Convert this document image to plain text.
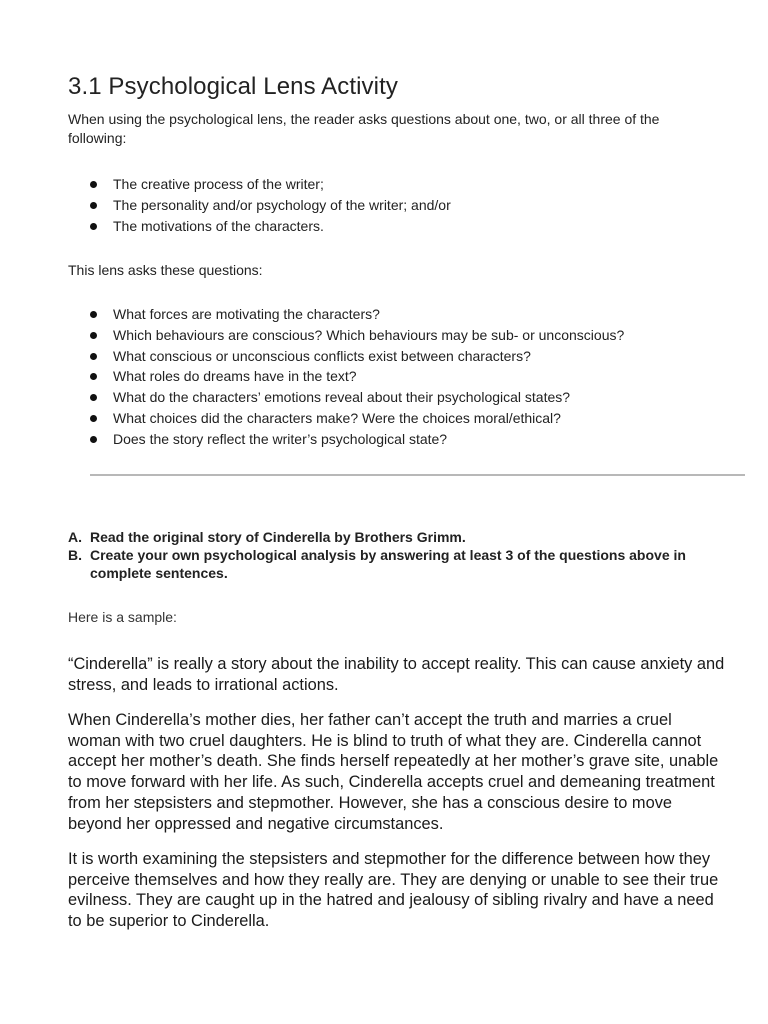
3.1 Psychological Lens Activity
When using the psychological lens, the reader asks questions about one, two, or all three of the following:
The creative process of the writer;
The personality and/or psychology of the writer; and/or
The motivations of the characters.
This lens asks these questions:
What forces are motivating the characters?
Which behaviours are conscious? Which behaviours may be sub- or unconscious?
What conscious or unconscious conflicts exist between characters?
What roles do dreams have in the text?
What do the characters’ emotions reveal about their psychological states?
What choices did the characters make? Were the choices moral/ethical?
Does the story reflect the writer’s psychological state?
A. Read the original story of Cinderella by Brothers Grimm.
B. Create your own psychological analysis by answering at least 3 of the questions above in complete sentences.
Here is a sample:

“Cinderella” is really a story about the inability to accept reality. This can cause anxiety and stress, and leads to irrational actions.

When Cinderella’s mother dies, her father can’t accept the truth and marries a cruel woman with two cruel daughters. He is blind to truth of what they are. Cinderella cannot accept her mother’s death. She finds herself repeatedly at her mother’s grave site, unable to move forward with her life. As such, Cinderella accepts cruel and demeaning treatment from her stepsisters and stepmother. However, she has a conscious desire to move beyond her oppressed and negative circumstances.

It is worth examining the stepsisters and stepmother for the difference between how they perceive themselves and how they really are. They are denying or unable to see their true evilness. They are caught up in the hatred and jealousy of sibling rivalry and have a need to be superior to Cinderella.
